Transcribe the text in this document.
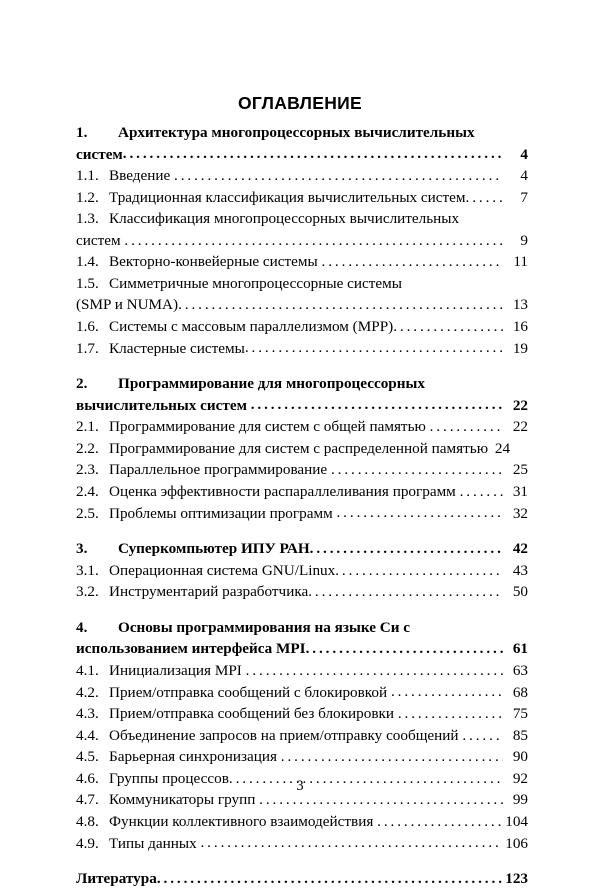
ОГЛАВЛЕНИЕ
1.	Архитектура многопроцессорных вычислительных
систем . . .	4
1.1. Введение . . .	4
1.2. Традиционная классификация вычислительных систем . . .	7
1.3. Классификация многопроцессорных вычислительных
систем . . .	9
1.4. Векторно-конвейерные системы . . .	11
1.5. Симметричные многопроцессорные системы
(SMP и NUMA) . . .	13
1.6. Системы с массовым параллелизмом (MPP) . . .	16
1.7. Кластерные системы . . .	19
2.	Программирование для многопроцессорных
вычислительных систем . . .	22
2.1. Программирование для систем с общей памятью . . .	22
2.2. Программирование для систем с распределенной памятью 24
2.3. Параллельное программирование . . .	25
2.4. Оценка эффективности распараллеливания программ . . .	31
2.5. Проблемы оптимизации программ . . .	32
3.	Суперкомпьютер ИПУ РАН . . .	42
3.1. Операционная система GNU/Linux . . .	43
3.2. Инструментарий разработчика . . .	50
4.	Основы программирования на языке Си с
использованием интерфейса MPI . . .	61
4.1. Инициализация MPI . . .	63
4.2. Прием/отправка сообщений с блокировкой . . .	68
4.3. Прием/отправка сообщений без блокировки . . .	75
4.4. Объединение запросов на прием/отправку сообщений . . .	85
4.5. Барьерная синхронизация . . .	90
4.6. Группы процессов . . .	92
4.7. Коммуникаторы групп . . .	99
4.8. Функции коллективного взаимодействия . . .	104
4.9. Типы данных . . .	106
Литература . . .	123
3
